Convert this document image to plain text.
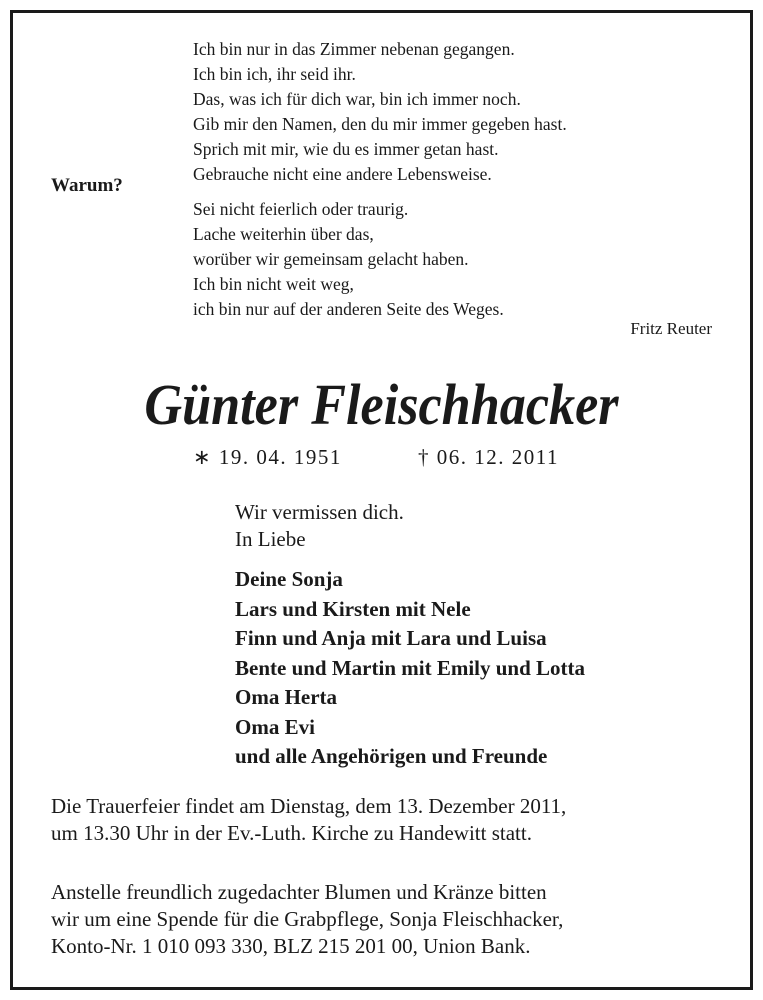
Ich bin nur in das Zimmer nebenan gegangen.
Ich bin ich, ihr seid ihr.
Das, was ich für dich war, bin ich immer noch.
Gib mir den Namen, den du mir immer gegeben hast.
Sprich mit mir, wie du es immer getan hast.
Gebrauche nicht eine andere Lebensweise.
Sei nicht feierlich oder traurig.
Lache weiterhin über das,
worüber wir gemeinsam gelacht haben.
Ich bin nicht weit weg,
ich bin nur auf der anderen Seite des Weges.
Warum?
Fritz Reuter
Günter Fleischhacker
∗ 19. 04. 1951	† 06. 12. 2011
Wir vermissen dich.
In Liebe
Deine Sonja
Lars und Kirsten mit Nele
Finn und Anja mit Lara und Luisa
Bente und Martin mit Emily und Lotta
Oma Herta
Oma Evi
und alle Angehörigen und Freunde
Die Trauerfeier findet am Dienstag, dem 13. Dezember 2011,
um 13.30 Uhr in der Ev.-Luth. Kirche zu Handewitt statt.
Anstelle freundlich zugedachter Blumen und Kränze bitten
wir um eine Spende für die Grabpflege, Sonja Fleischhacker,
Konto-Nr. 1 010 093 330, BLZ 215 201 00, Union Bank.
